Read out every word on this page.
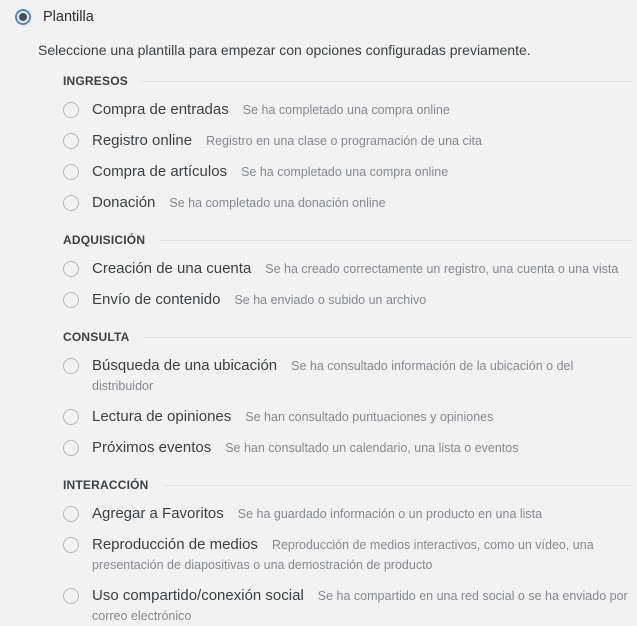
Plantilla
Seleccione una plantilla para empezar con opciones configuradas previamente.
INGRESOS
Compra de entradas Se ha completado una compra online
Registro online Registro en una clase o programación de una cita
Compra de artículos Se ha completado una compra online
Donación Se ha completado una donación online
ADQUISICIÓN
Creación de una cuenta Se ha creado correctamente un registro, una cuenta o una vista
Envío de contenido Se ha enviado o subido un archivo
CONSULTA
Búsqueda de una ubicación Se ha consultado información de la ubicación o del distribuidor
Lectura de opiniones Se han consultado puntuaciones y opiniones
Próximos eventos Se han consultado un calendario, una lista o eventos
INTERACCIÓN
Agregar a Favoritos Se ha guardado información o un producto en una lista
Reproducción de medios Reproducción de medios interactivos, como un vídeo, una presentación de diapositivas o una demostración de producto
Uso compartido/conexión social Se ha compartido en una red social o se ha enviado por correo electrónico
